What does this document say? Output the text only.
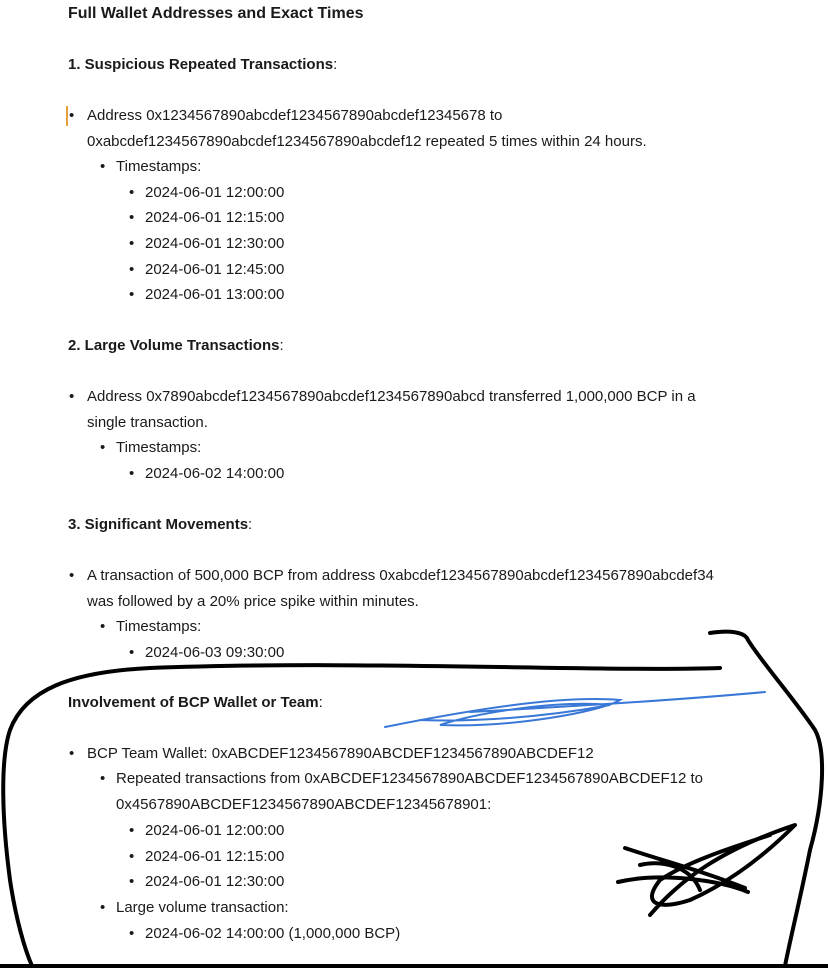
Full Wallet Addresses and Exact Times
1. Suspicious Repeated Transactions:
• Address 0x1234567890abcdef1234567890abcdef12345678 to
0xabcdef1234567890abcdef1234567890abcdef12 repeated 5 times within 24 hours.
• Timestamps:
• 2024-06-01 12:00:00
• 2024-06-01 12:15:00
• 2024-06-01 12:30:00
• 2024-06-01 12:45:00
• 2024-06-01 13:00:00
2. Large Volume Transactions:
• Address 0x7890abcdef1234567890abcdef1234567890abcd transferred 1,000,000 BCP in a
single transaction.
• Timestamps:
• 2024-06-02 14:00:00
3. Significant Movements:
• A transaction of 500,000 BCP from address 0xabcdef1234567890abcdef1234567890abcdef34
was followed by a 20% price spike within minutes.
• Timestamps:
• 2024-06-03 09:30:00
Involvement of BCP Wallet or Team:
• BCP Team Wallet: 0xABCDEF1234567890ABCDEF1234567890ABCDEF12
• Repeated transactions from 0xABCDEF1234567890ABCDEF1234567890ABCDEF12 to
0x4567890ABCDEF1234567890ABCDEF12345678901:
• 2024-06-01 12:00:00
• 2024-06-01 12:15:00
• 2024-06-01 12:30:00
• Large volume transaction:
• 2024-06-02 14:00:00 (1,000,000 BCP)
